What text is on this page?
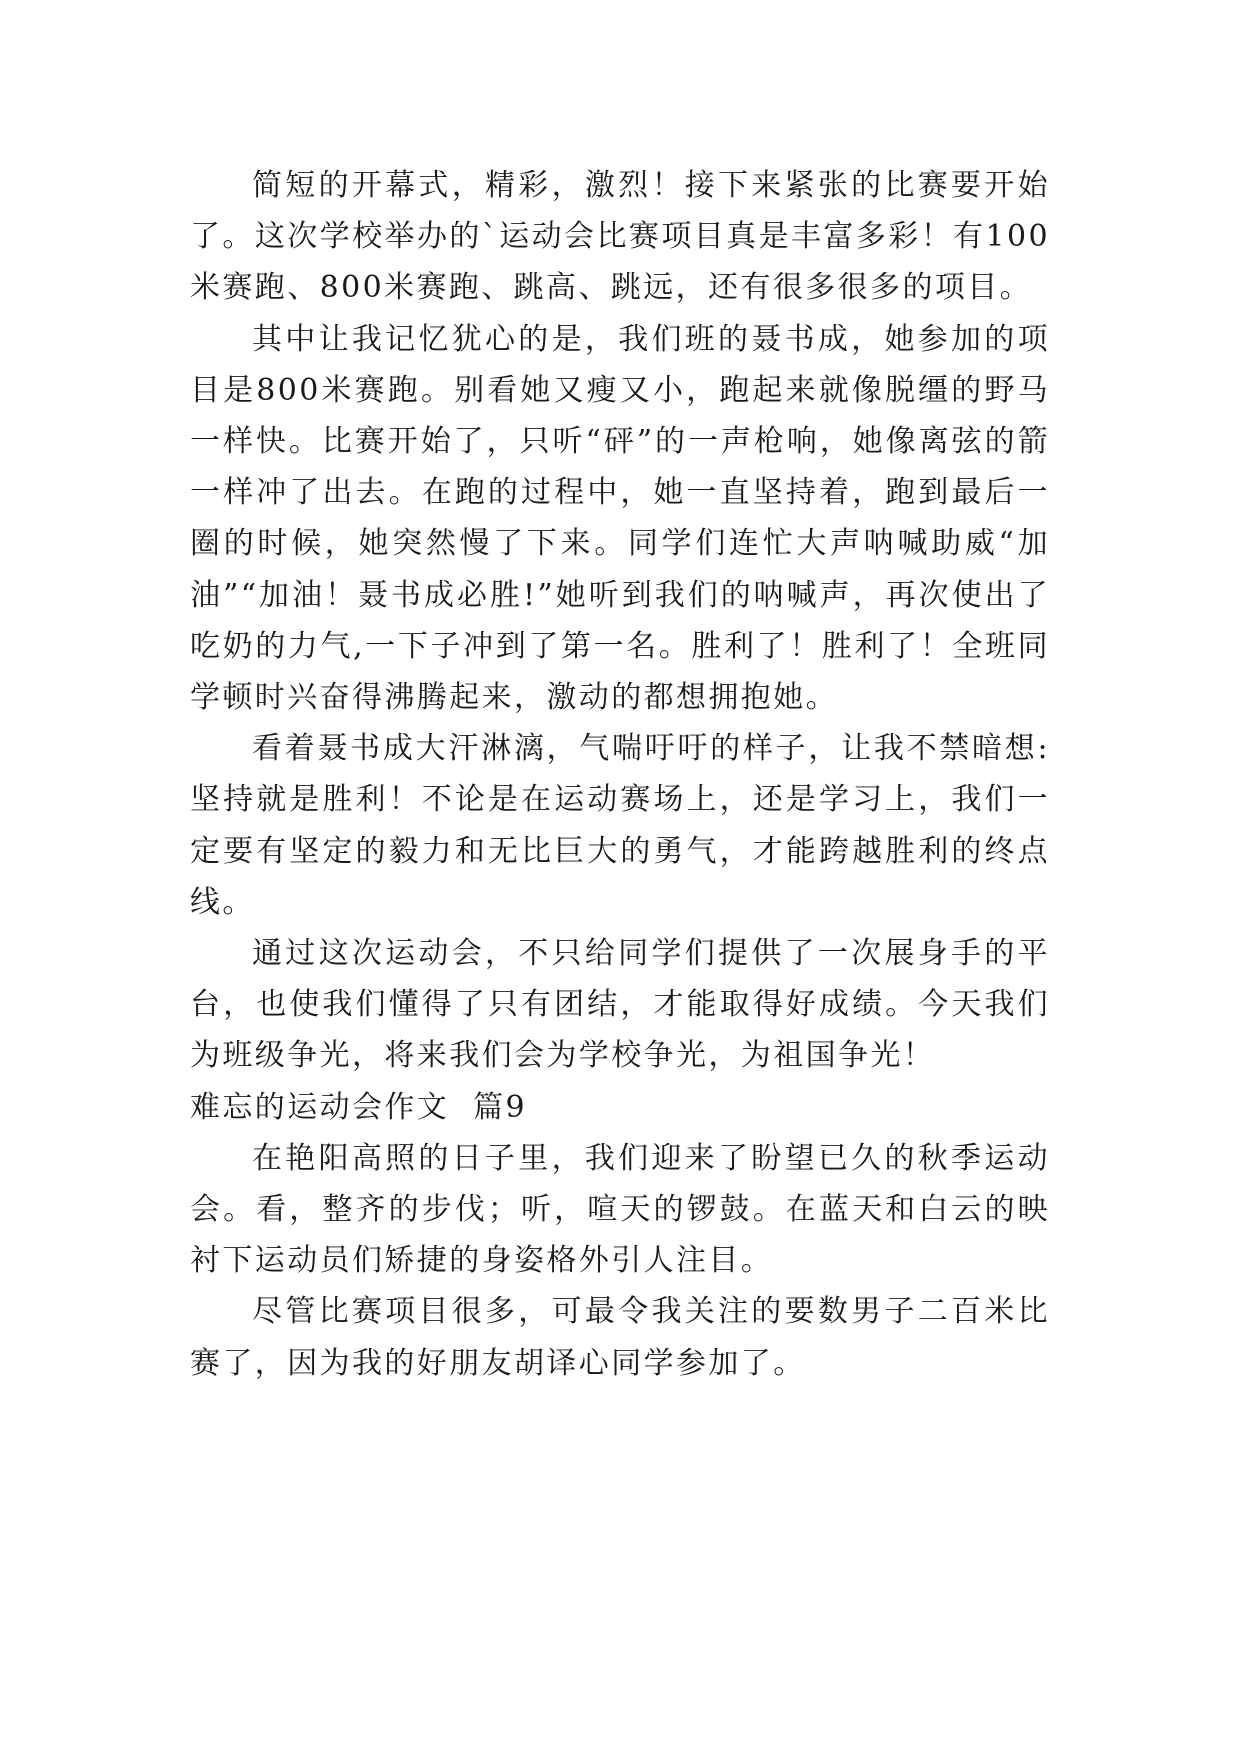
简短的开幕式，精彩，激烈！接下来紧张的比赛要开始了。这次学校举办的`运动会比赛项目真是丰富多彩！有100米赛跑、800米赛跑、跳高、跳远，还有很多很多的项目。

其中让我记忆犹心的是，我们班的聂书成，她参加的项目是800米赛跑。别看她又瘦又小，跑起来就像脱缰的野马一样快。比赛开始了，只听“砰”的一声枪响，她像离弦的箭一样冲了出去。在跑的过程中，她一直坚持着，跑到最后一圈的时候，她突然慢了下来。同学们连忙大声呐喊助威“加油”“加油！聂书成必胜!”她听到我们的呐喊声，再次使出了吃奶的力气,一下子冲到了第一名。胜利了！胜利了！全班同学顿时兴奋得沸腾起来，激动的都想拥抱她。

看着聂书成大汗淋漓，气喘吁吁的样子，让我不禁暗想:坚持就是胜利！不论是在运动赛场上，还是学习上，我们一定要有坚定的毅力和无比巨大的勇气，才能跨越胜利的终点线。

通过这次运动会，不只给同学们提供了一次展身手的平台，也使我们懂得了只有团结，才能取得好成绩。今天我们为班级争光，将来我们会为学校争光，为祖国争光！

难忘的运动会作文  篇9

在艳阳高照的日子里，我们迎来了盼望已久的秋季运动会。看，整齐的步伐；听，喧天的锣鼓。在蓝天和白云的映衬下运动员们矫捷的身姿格外引人注目。

尽管比赛项目很多，可最令我关注的要数男子二百米比赛了，因为我的好朋友胡译心同学参加了。
